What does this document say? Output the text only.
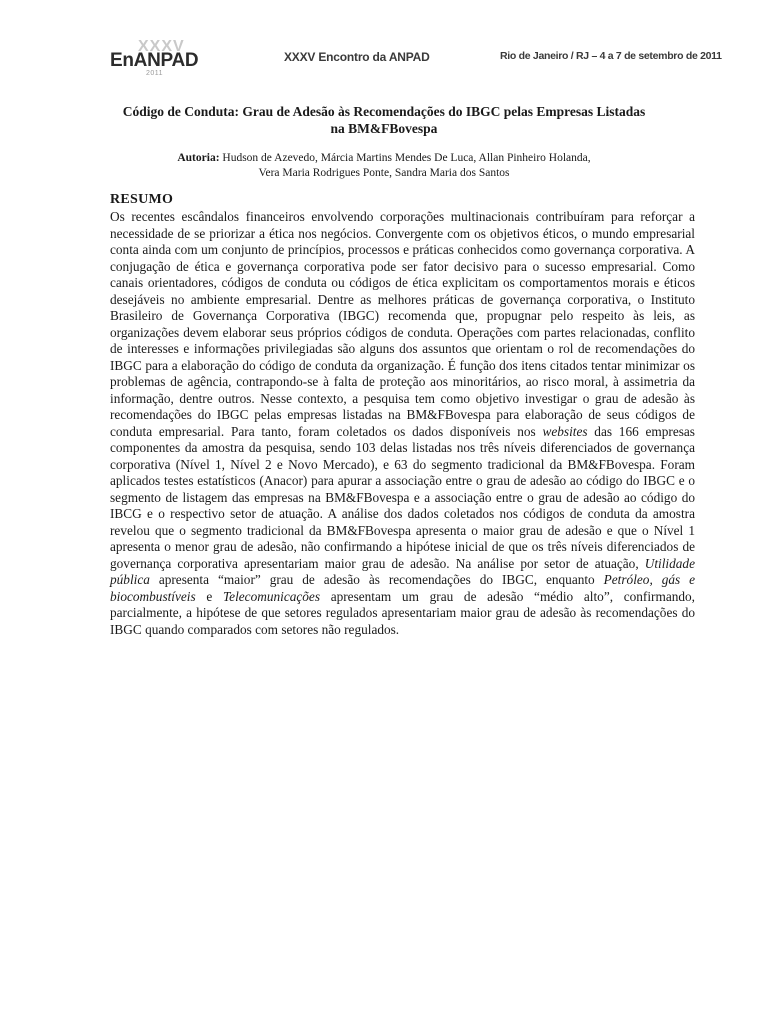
XXXV
EnANPAD
2011
XXXV Encontro da ANPAD	Rio de Janeiro / RJ – 4 a 7 de setembro de 2011
Código de Conduta: Grau de Adesão às Recomendações do IBGC pelas Empresas Listadas na BM&FBovespa
Autoria: Hudson de Azevedo, Márcia Martins Mendes De Luca, Allan Pinheiro Holanda,
Vera Maria Rodrigues Ponte, Sandra Maria dos Santos
RESUMO

Os recentes escândalos financeiros envolvendo corporações multinacionais contribuíram para reforçar a necessidade de se priorizar a ética nos negócios. Convergente com os objetivos éticos, o mundo empresarial conta ainda com um conjunto de princípios, processos e práticas conhecidos como governança corporativa. A conjugação de ética e governança corporativa pode ser fator decisivo para o sucesso empresarial. Como canais orientadores, códigos de conduta ou códigos de ética explicitam os comportamentos morais e éticos desejáveis no ambiente empresarial. Dentre as melhores práticas de governança corporativa, o Instituto Brasileiro de Governança Corporativa (IBGC) recomenda que, propugnar pelo respeito às leis, as organizações devem elaborar seus próprios códigos de conduta. Operações com partes relacionadas, conflito de interesses e informações privilegiadas são alguns dos assuntos que orientam o rol de recomendações do IBGC para a elaboração do código de conduta da organização. É função dos itens citados tentar minimizar os problemas de agência, contrapondo-se à falta de proteção aos minoritários, ao risco moral, à assimetria da informação, dentre outros. Nesse contexto, a pesquisa tem como objetivo investigar o grau de adesão às recomendações do IBGC pelas empresas listadas na BM&FBovespa para elaboração de seus códigos de conduta empresarial. Para tanto, foram coletados os dados disponíveis nos websites das 166 empresas componentes da amostra da pesquisa, sendo 103 delas listadas nos três níveis diferenciados de governança corporativa (Nível 1, Nível 2 e Novo Mercado), e 63 do segmento tradicional da BM&FBovespa. Foram aplicados testes estatísticos (Anacor) para apurar a associação entre o grau de adesão ao código do IBGC e o segmento de listagem das empresas na BM&FBovespa e a associação entre o grau de adesão ao código do IBCG e o respectivo setor de atuação. A análise dos dados coletados nos códigos de conduta da amostra revelou que o segmento tradicional da BM&FBovespa apresenta o maior grau de adesão e que o Nível 1 apresenta o menor grau de adesão, não confirmando a hipótese inicial de que os três níveis diferenciados de governança corporativa apresentariam maior grau de adesão. Na análise por setor de atuação, Utilidade pública apresenta “maior” grau de adesão às recomendações do IBGC, enquanto Petróleo, gás e biocombustíveis e Telecomunicações apresentam um grau de adesão “médio alto”, confirmando, parcialmente, a hipótese de que setores regulados apresentariam maior grau de adesão às recomendações do IBGC quando comparados com setores não regulados.
